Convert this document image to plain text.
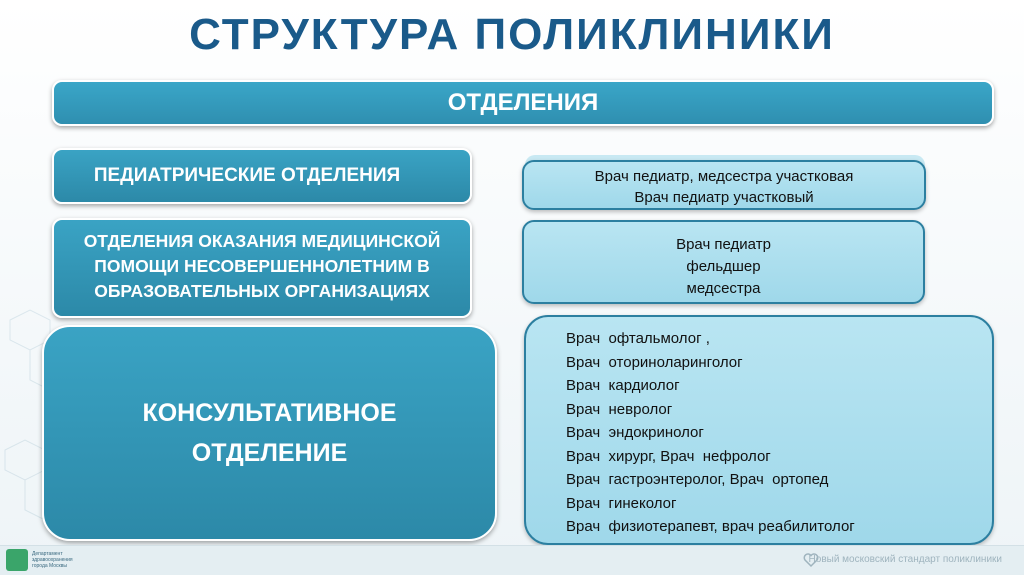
СТРУКТУРА ПОЛИКЛИНИКИ
ОТДЕЛЕНИЯ
ПЕДИАТРИЧЕСКИЕ ОТДЕЛЕНИЯ
ОТДЕЛЕНИЯ ОКАЗАНИЯ МЕДИЦИНСКОЙ
ПОМОЩИ НЕСОВЕРШЕННОЛЕТНИМ В
ОБРАЗОВАТЕЛЬНЫХ ОРГАНИЗАЦИЯХ
КОНСУЛЬТАТИВНОЕ
ОТДЕЛЕНИЕ
Врач педиатр, медсестра участковая
Врач педиатр участковый
Врач педиатр
фельдшер
медсестра
Врач  офтальмолог ,
Врач  оториноларинголог
Врач  кардиолог
Врач  невролог
Врач  эндокринолог
Врач  хирург, Врач  нефролог
Врач  гастроэнтеролог, Врач  ортопед
Врач  гинеколог
Врач  физиотерапевт, врач реабилитолог
Департамент
здравоохранения
города Москвы
Новый московский стандарт поликлиники
